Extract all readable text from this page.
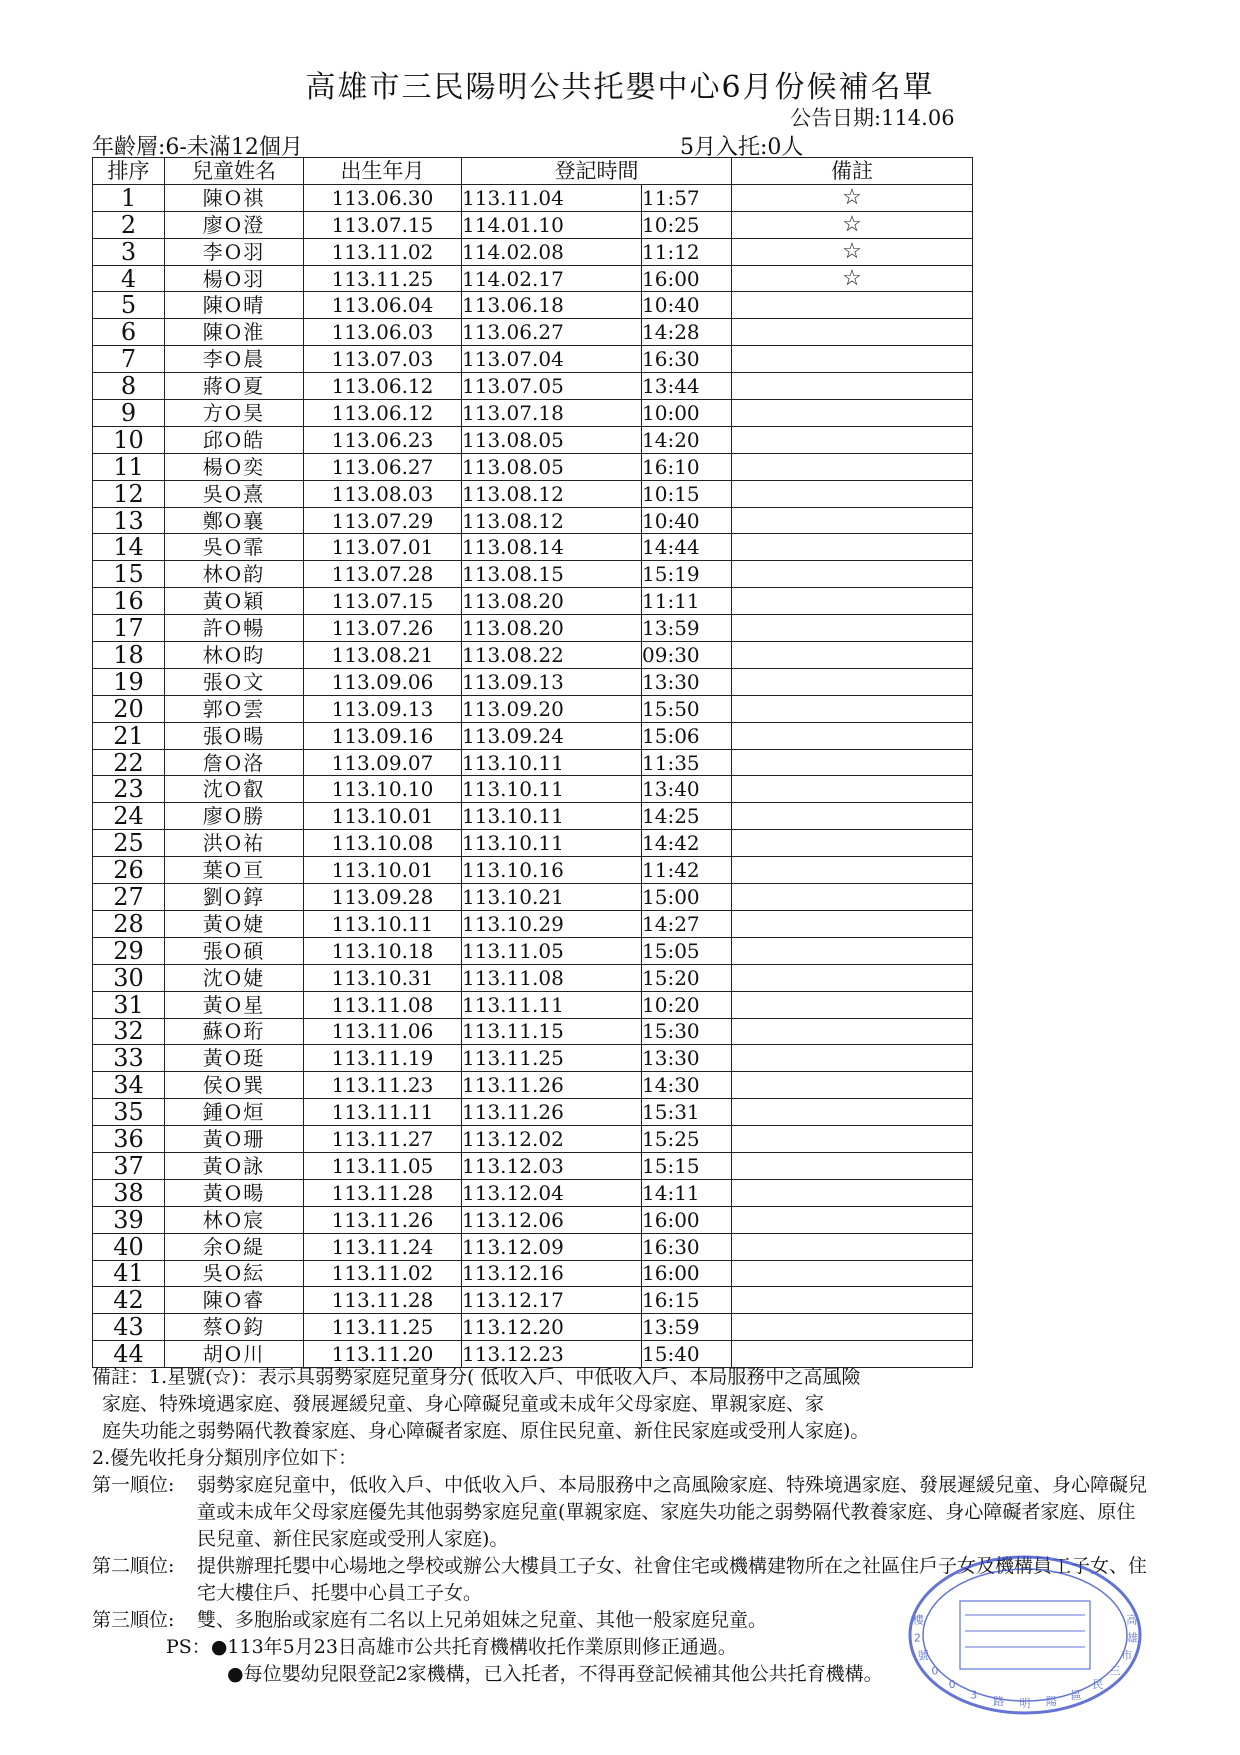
高雄市三民陽明公共托嬰中心6月份候補名單
公告日期:114.06
年齡層:6-未滿12個月	5月入托:0人
排序	兒童姓名	出生年月	登記時間		備註
1	陳O祺	113.06.30	113.11.04	11:57	☆
2	廖O澄	113.07.15	114.01.10	10:25	☆
3	李O羽	113.11.02	114.02.08	11:12	☆
4	楊O羽	113.11.25	114.02.17	16:00	☆
5	陳O晴	113.06.04	113.06.18	10:40	
6	陳O淮	113.06.03	113.06.27	14:28	
7	李O晨	113.07.03	113.07.04	16:30	
8	蔣O夏	113.06.12	113.07.05	13:44	
9	方O昊	113.06.12	113.07.18	10:00	
10	邱O皓	113.06.23	113.08.05	14:20	
11	楊O奕	113.06.27	113.08.05	16:10	
12	吳O熹	113.08.03	113.08.12	10:15	
13	鄭O襄	113.07.29	113.08.12	10:40	
14	吳O霏	113.07.01	113.08.14	14:44	
15	林O韵	113.07.28	113.08.15	15:19	
16	黃O穎	113.07.15	113.08.20	11:11	
17	許O暢	113.07.26	113.08.20	13:59	
18	林O昀	113.08.21	113.08.22	09:30	
19	張O文	113.09.06	113.09.13	13:30	
20	郭O雲	113.09.13	113.09.20	15:50	
21	張O暘	113.09.16	113.09.24	15:06	
22	詹O洛	113.09.07	113.10.11	11:35	
23	沈O叡	113.10.10	113.10.11	13:40	
24	廖O勝	113.10.01	113.10.11	14:25	
25	洪O祐	113.10.08	113.10.11	14:42	
26	葉O亘	113.10.01	113.10.16	11:42	
27	劉O錞	113.09.28	113.10.21	15:00	
28	黃O婕	113.10.11	113.10.29	14:27	
29	張O碩	113.10.18	113.11.05	15:05	
30	沈O婕	113.10.31	113.11.08	15:20	
31	黃O星	113.11.08	113.11.11	10:20	
32	蘇O珩	113.11.06	113.11.15	15:30	
33	黃O珽	113.11.19	113.11.25	13:30	
34	侯O巽	113.11.23	113.11.26	14:30	
35	鍾O烜	113.11.11	113.11.26	15:31	
36	黃O珊	113.11.27	113.12.02	15:25	
37	黃O詠	113.11.05	113.12.03	15:15	
38	黃O暘	113.11.28	113.12.04	14:11	
39	林O宸	113.11.26	113.12.06	16:00	
40	余O緹	113.11.24	113.12.09	16:30	
41	吳O紜	113.11.02	113.12.16	16:00	
42	陳O睿	113.11.28	113.12.17	16:15	
43	蔡O鈞	113.11.25	113.12.20	13:59	
44	胡O川	113.11.20	113.12.23	15:40	
備註：1.星號(☆)：表示具弱勢家庭兒童身分( 低收入戶、中低收入戶、本局服務中之高風險
家庭、特殊境遇家庭、發展遲緩兒童、身心障礙兒童或未成年父母家庭、單親家庭、家
庭失功能之弱勢隔代教養家庭、身心障礙者家庭、原住民兒童、新住民家庭或受刑人家庭)。
2.優先收托身分類別序位如下：
第一順位:	弱勢家庭兒童中，低收入戶、中低收入戶、本局服務中之高風險家庭、特殊境遇家庭、發展遲緩兒童、身心障礙兒童或未成年父母家庭優先其他弱勢家庭兒童(單親家庭、家庭失功能之弱勢隔代教養家庭、身心障礙者家庭、原住民兒童、新住民家庭或受刑人家庭)。
第二順位:	提供辦理托嬰中心場地之學校或辦公大樓員工子女、社會住宅或機構建物所在之社區住戶子女及機構員工子女、住宅大樓住戶、托嬰中心員工子女。
第三順位:	雙、多胞胎或家庭有二名以上兄弟姐妹之兒童、其他一般家庭兒童。
PS：●113年5月23日高雄市公共托育機構收托作業原則修正通過。
●每位嬰幼兒限登記2家機構，已入托者，不得再登記候補其他公共托育機構。
高
雄
市
三
民
區
陽
明
路
3
0
0
號
2
樓
